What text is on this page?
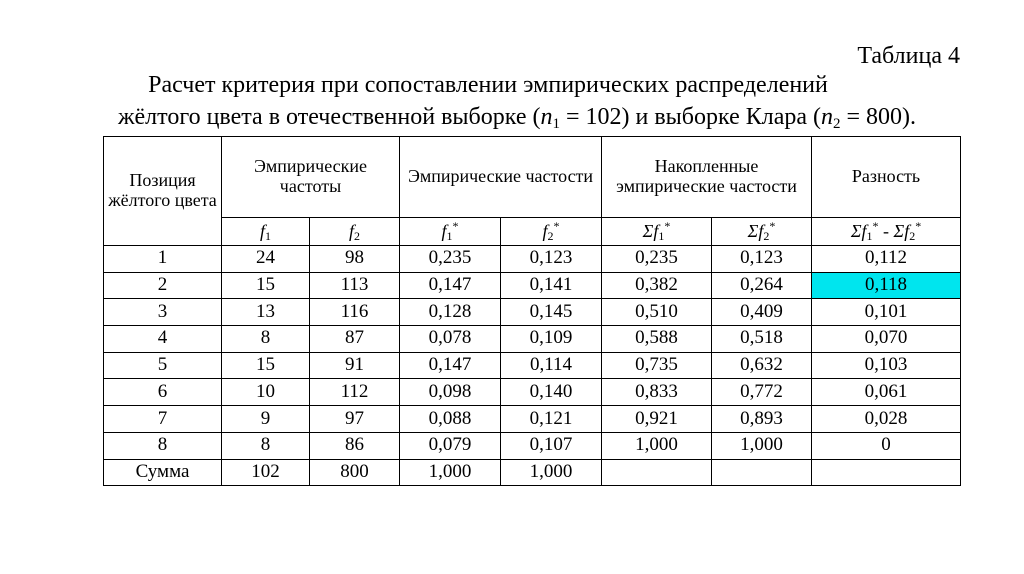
Таблица 4
Расчет критерия при сопоставлении эмпирических распределений
жёлтого цвета в отечественной выборке $(n_1 = 102)$ и выборке Клара $(n_2 = 800)$.
Позиция жёлтого цвета	Эмпирические частоты		Эмпирические частости		Накопленные эмпирические частости		Разность
	$f_1$	$f_2$	$f_1^*$	$f_2^*$	$\Sigma f_1^*$	$\Sigma f_2^*$	$\Sigma f_1^* - \Sigma f_2^*$
1	24	98	0,235	0,123	0,235	0,123	0,112
2	15	113	0,147	0,141	0,382	0,264	0,118
3	13	116	0,128	0,145	0,510	0,409	0,101
4	8	87	0,078	0,109	0,588	0,518	0,070
5	15	91	0,147	0,114	0,735	0,632	0,103
6	10	112	0,098	0,140	0,833	0,772	0,061
7	9	97	0,088	0,121	0,921	0,893	0,028
8	8	86	0,079	0,107	1,000	1,000	0
Сумма	102	800	1,000	1,000			
